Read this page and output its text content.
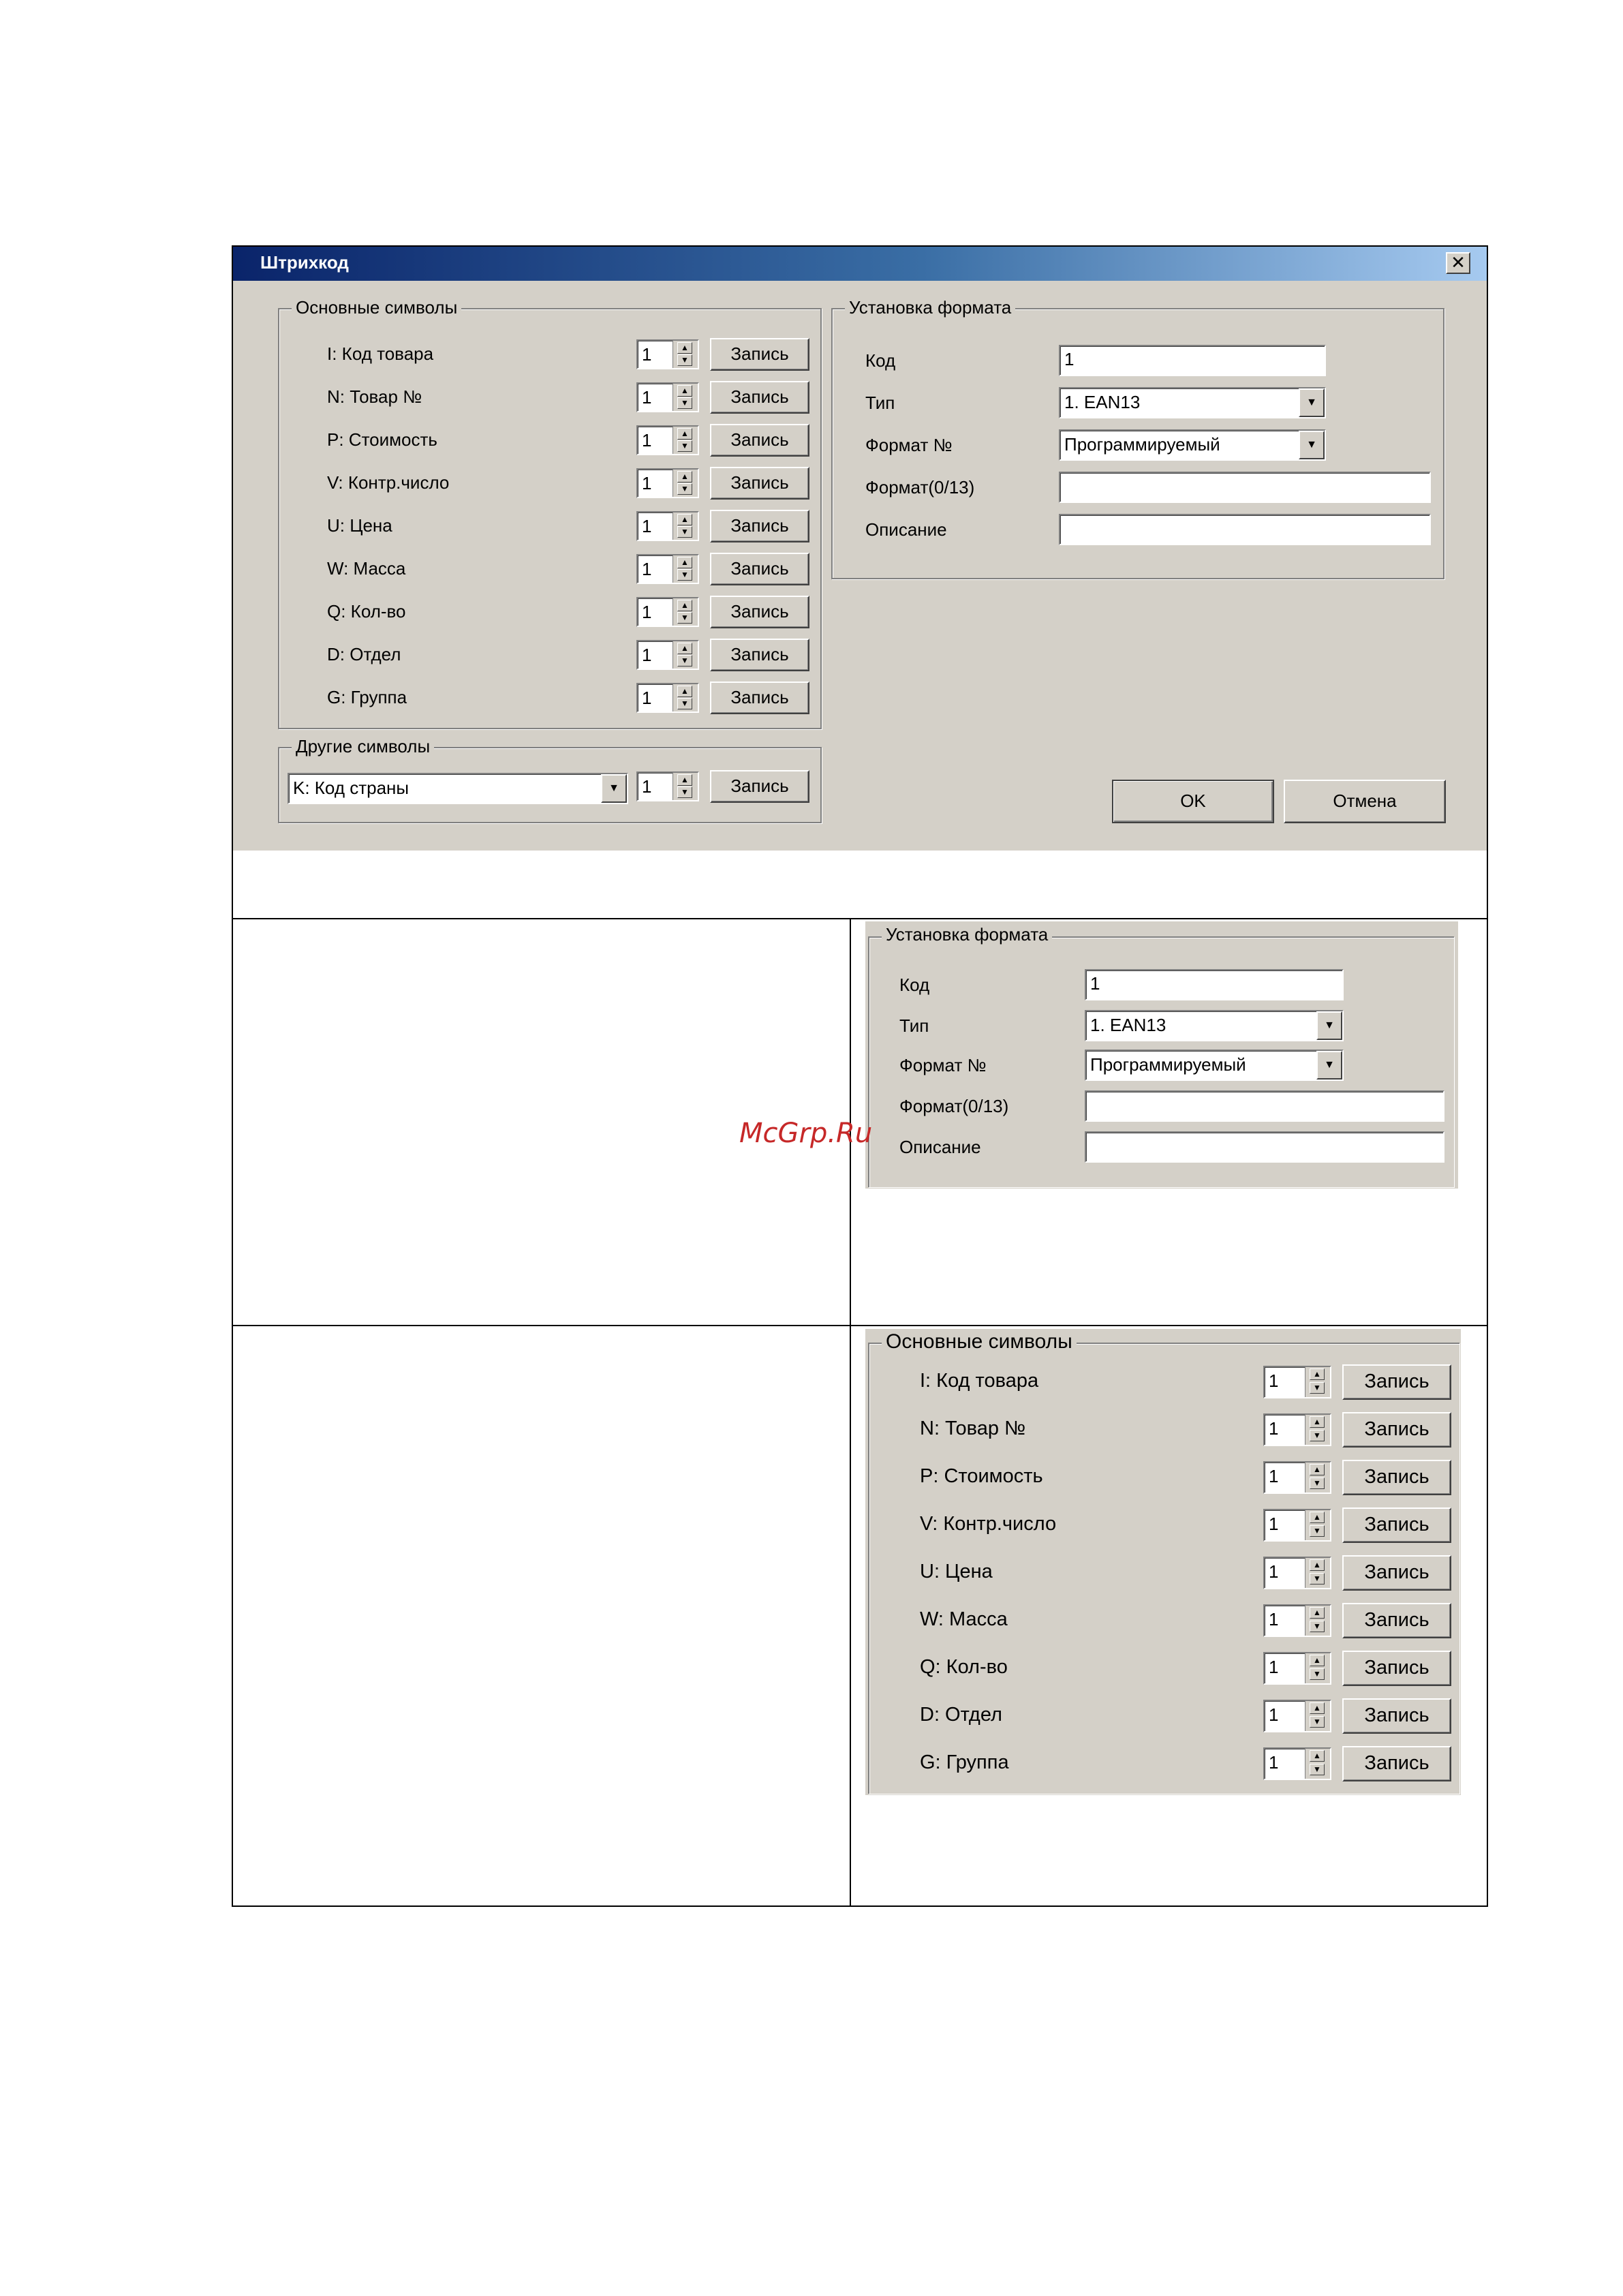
Штрихкод	✕
Основные символы
I: Код товара	1	▲
▼	Запись
N: Товар №	1	▲
▼	Запись
P: Стоимость	1	▲
▼	Запись
V: Контр.число	1	▲
▼	Запись
U: Цена	1	▲
▼	Запись
W: Масса	1	▲
▼	Запись
Q: Кол-во	1	▲
▼	Запись
D: Отдел	1	▲
▼	Запись
G: Группа	1	▲
▼	Запись
Другие символы
K: Код страны	▼	1	▲
▼	Запись
Установка формата
Код	1
Тип	1. EAN13	▼
Формат №	Программируемый	▼
Формат(0/13)
Описание
OK	Отмена
Установка формата
Код	1
Тип	1. EAN13	▼
Формат №	Программируемый	▼
Формат(0/13)
Описание
Основные символы
I: Код товара	1	▲
▼	Запись
N: Товар №	1	▲
▼	Запись
P: Стоимость	1	▲
▼	Запись
V: Контр.число	1	▲
▼	Запись
U: Цена	1	▲
▼	Запись
W: Масса	1	▲
▼	Запись
Q: Кол-во	1	▲
▼	Запись
D: Отдел	1	▲
▼	Запись
G: Группа	1	▲
▼	Запись
McGrp.Ru
